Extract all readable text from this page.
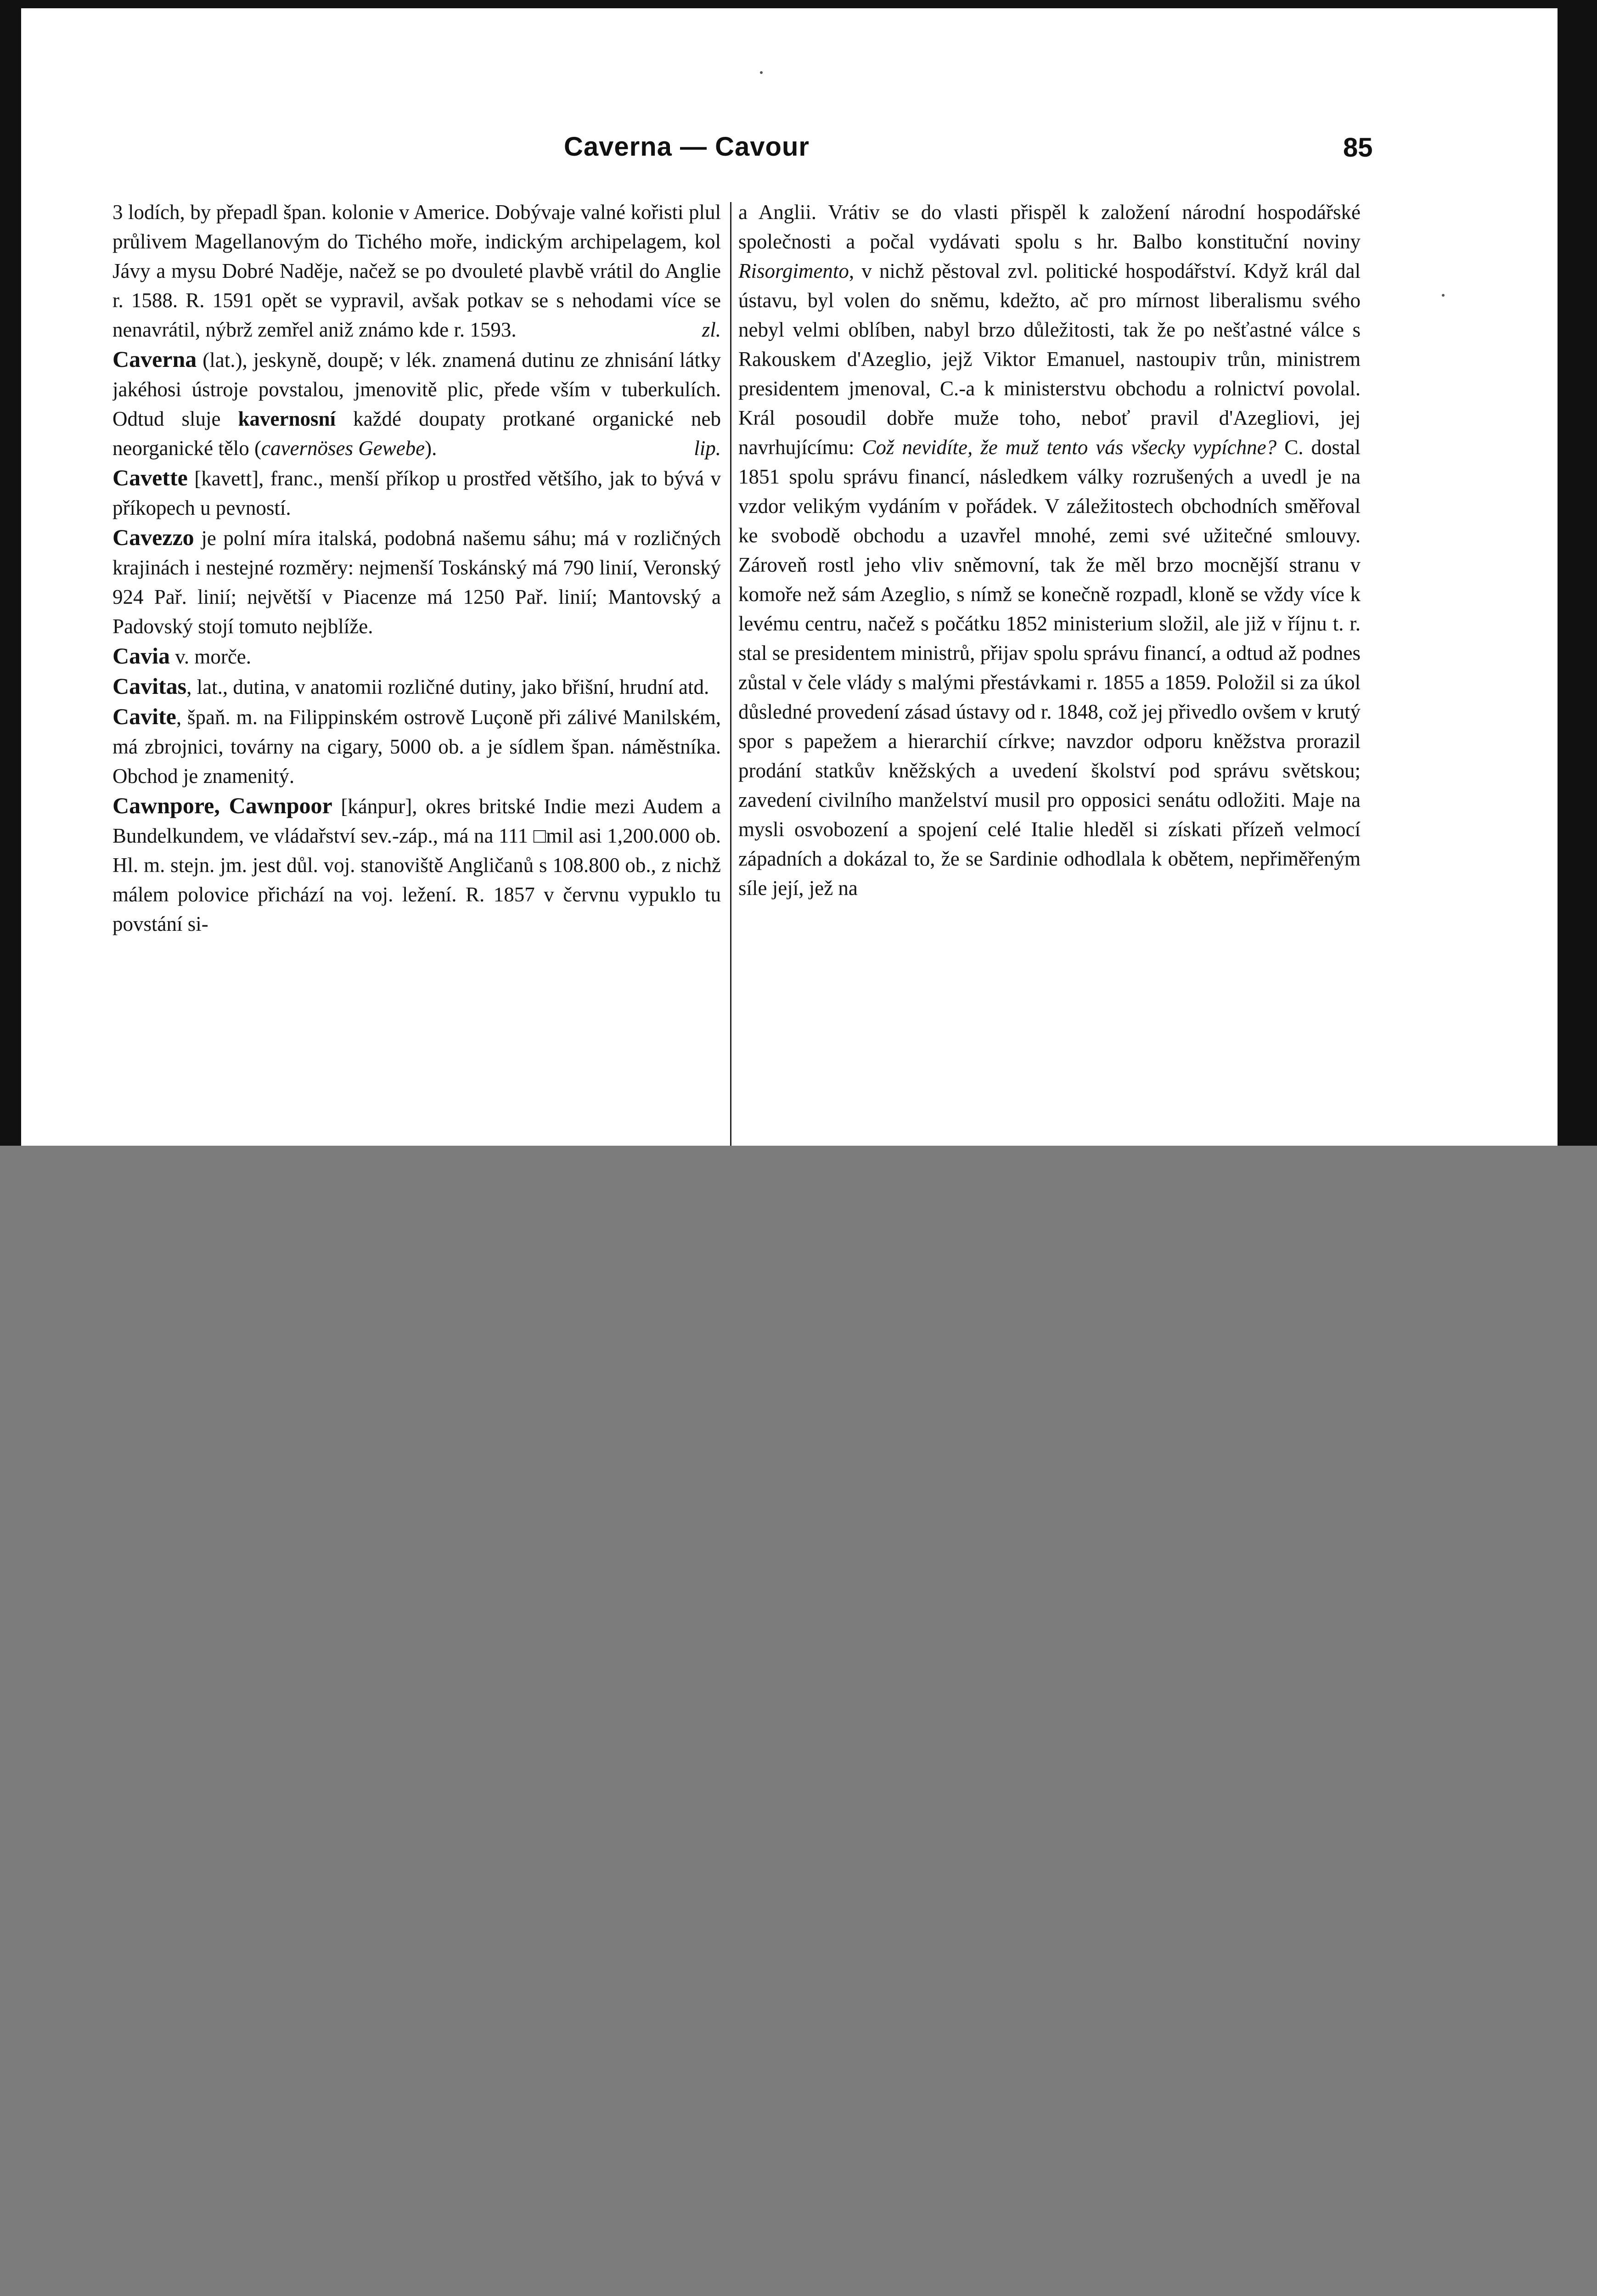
Caverna — Cavour	85

3 lodích, by přepadl špan. kolonie v Americe. Dobývaje valné kořisti plul průlivem Magellanovým do Tichého moře, indickým archipelagem, kol Jávy a mysu Dobré Naděje, načež se po dvouleté plavbě vrátil do Anglie r. 1588. R. 1591 opět se vypravil, avšak potkav se s nehodami více se nenavrátil, nýbrž zemřel aniž známo kde r. 1593.	zl.

Caverna (lat.), jeskyně, doupě; v lék. znamená dutinu ze zhnisání látky jakéhosi ústroje povstalou, jmenovitě plic, přede vším v tuberkulích. Odtud sluje kavernosní každé doupaty protkané organické neb neorganické tělo (cavernöses Gewebe).	lip.

Cavette [kavett], franc., menší příkop u prostřed většího, jak to bývá v příkopech u pevností.

Cavezzo je polní míra italská, podobná našemu sáhu; má v rozličných krajinách i nestejné rozměry: nejmenší Toskánský má 790 linií, Veronský 924 Pař. linií; největší v Piacenze má 1250 Pař. linií; Mantovský a Padovský stojí tomuto nejblíže.

Cavia v. morče.

Cavitas, lat., dutina, v anatomii rozličné dutiny, jako břišní, hrudní atd.

Cavite, špaň. m. na Filippinském ostrově Luçoně při zálivé Manilském, má zbrojnici, továrny na cigary, 5000 ob. a je sídlem špan. náměstníka. Obchod je znamenitý.

Cawnpore, Cawnpoor [kánpur], okres britské Indie mezi Audem a Bundelkundem, ve vládařství sev.-záp., má na 111 □mil asi 1,200.000 ob. Hl. m. stejn. jm. jest důl. voj. stanoviště Angličanů s 108.800 ob., z nichž málem polovice přichází na voj. ležení. R. 1857 v červnu vypuklo tu povstání si-

a Anglii. Vrátiv se do vlasti přispěl k založení národní hospodářské společnosti a počal vydávati spolu s hr. Balbo konstituční noviny Risorgimento, v nichž pěstoval zvl. politické hospodářství. Když král dal ústavu, byl volen do sněmu, kdežto, ač pro mírnost liberalismu svého nebyl velmi oblíben, nabyl brzo důležitosti, tak že po nešťastné válce s Rakouskem d'Azeglio, jejž Viktor Emanuel, nastoupiv trůn, ministrem presidentem jmenoval, C.-a k ministerstvu obchodu a rolnictví povolal. Král posoudil dobře muže toho, neboť pravil d'Azegliovi, jej navrhujícímu: Což nevidíte, že muž tento vás všecky vypíchne? C. dostal 1851 spolu správu financí, následkem války rozrušených a uvedl je na vzdor velikým vydáním v pořádek. V záležitostech obchodních směřoval ke svobodě obchodu a uzavřel mnohé, zemi své užitečné smlouvy. Zároveň rostl jeho vliv sněmovní, tak že měl brzo mocnější stranu v komoře než sám Azeglio, s nímž se konečně rozpadl, kloně se vždy více k levému centru, načež s počátku 1852 ministerium složil, ale již v říjnu t. r. stal se presidentem ministrů, přijav spolu správu financí, a odtud až podnes zůstal v čele vlády s malými přestávkami r. 1855 a 1859. Položil si za úkol důsledné provedení zásad ústavy od r. 1848, což jej přivedlo ovšem v krutý spor s papežem a hierarchií církve; navzdor odporu kněžstva prorazil prodání statkův kněžských a uvedení školství pod správu světskou; zavedení civilního manželství musil pro opposici senátu odložiti. Maje na mysli osvobození a spojení celé Italie hleděl si získati přízeň velmocí západních a dokázal to, že se Sardinie odhodlala k obětem, nepřiměřeným síle její, jež na
